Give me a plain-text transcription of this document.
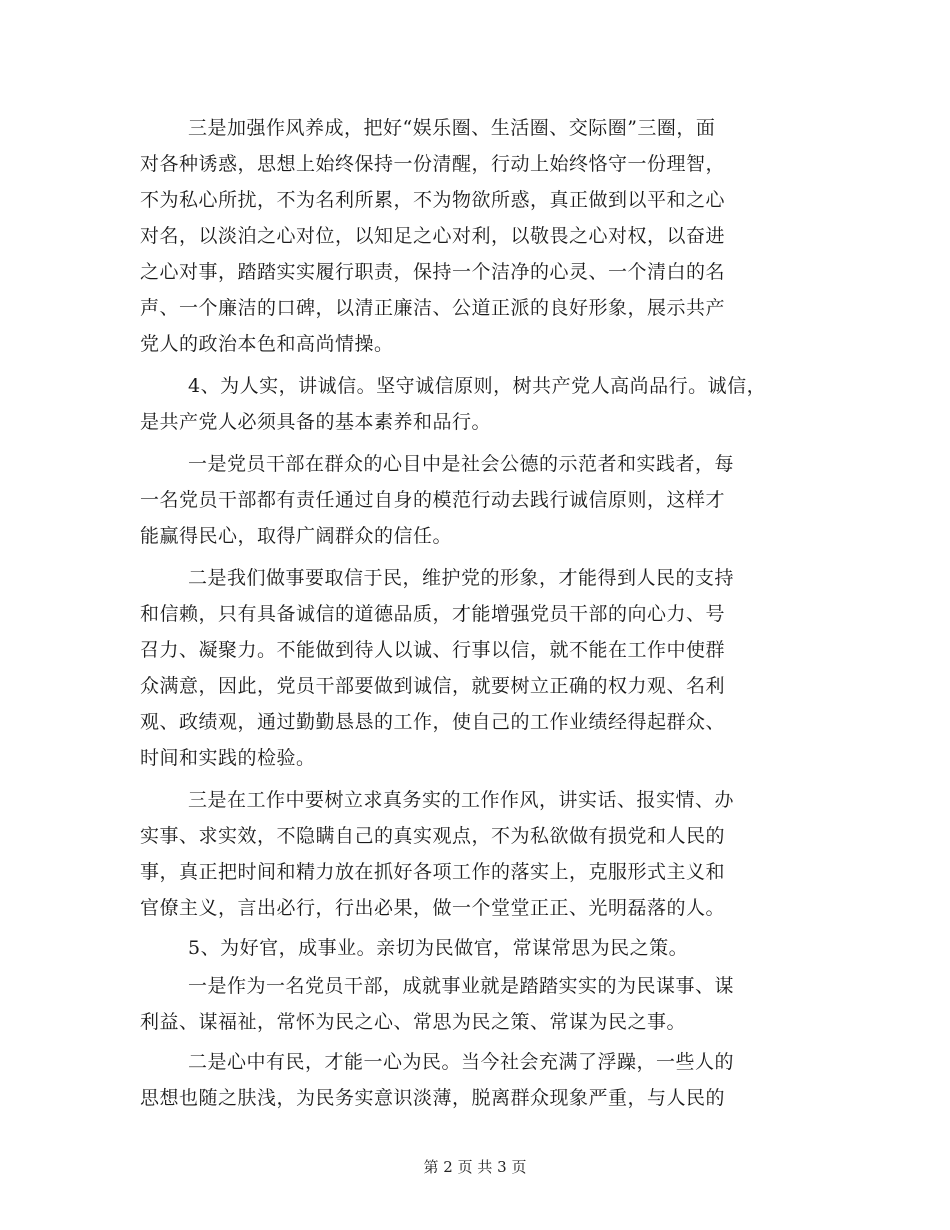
三是加强作风养成，把好“娱乐圈、生活圈、交际圈”三圈，面
对各种诱惑，思想上始终保持一份清醒，行动上始终恪守一份理智，
不为私心所扰，不为名利所累，不为物欲所惑，真正做到以平和之心
对名，以淡泊之心对位，以知足之心对利，以敬畏之心对权，以奋进
之心对事，踏踏实实履行职责，保持一个洁净的心灵、一个清白的名
声、一个廉洁的口碑，以清正廉洁、公道正派的良好形象，展示共产
党人的政治本色和高尚情操。
4、为人实，讲诚信。坚守诚信原则，树共产党人高尚品行。诚信，
是共产党人必须具备的基本素养和品行。
一是党员干部在群众的心目中是社会公德的示范者和实践者，每
一名党员干部都有责任通过自身的模范行动去践行诚信原则，这样才
能赢得民心，取得广阔群众的信任。
二是我们做事要取信于民，维护党的形象，才能得到人民的支持
和信赖，只有具备诚信的道德品质，才能增强党员干部的向心力、号
召力、凝聚力。不能做到待人以诚、行事以信，就不能在工作中使群
众满意，因此，党员干部要做到诚信，就要树立正确的权力观、名利
观、政绩观，通过勤勤恳恳的工作，使自己的工作业绩经得起群众、
时间和实践的检验。
三是在工作中要树立求真务实的工作作风，讲实话、报实情、办
实事、求实效，不隐瞒自己的真实观点，不为私欲做有损党和人民的
事，真正把时间和精力放在抓好各项工作的落实上，克服形式主义和
官僚主义，言出必行，行出必果，做一个堂堂正正、光明磊落的人。
5、为好官，成事业。亲切为民做官，常谋常思为民之策。
一是作为一名党员干部，成就事业就是踏踏实实的为民谋事、谋
利益、谋福祉，常怀为民之心、常思为民之策、常谋为民之事。
二是心中有民，才能一心为民。当今社会充满了浮躁，一些人的
思想也随之肤浅，为民务实意识淡薄，脱离群众现象严重，与人民的
第 2 页 共 3 页
